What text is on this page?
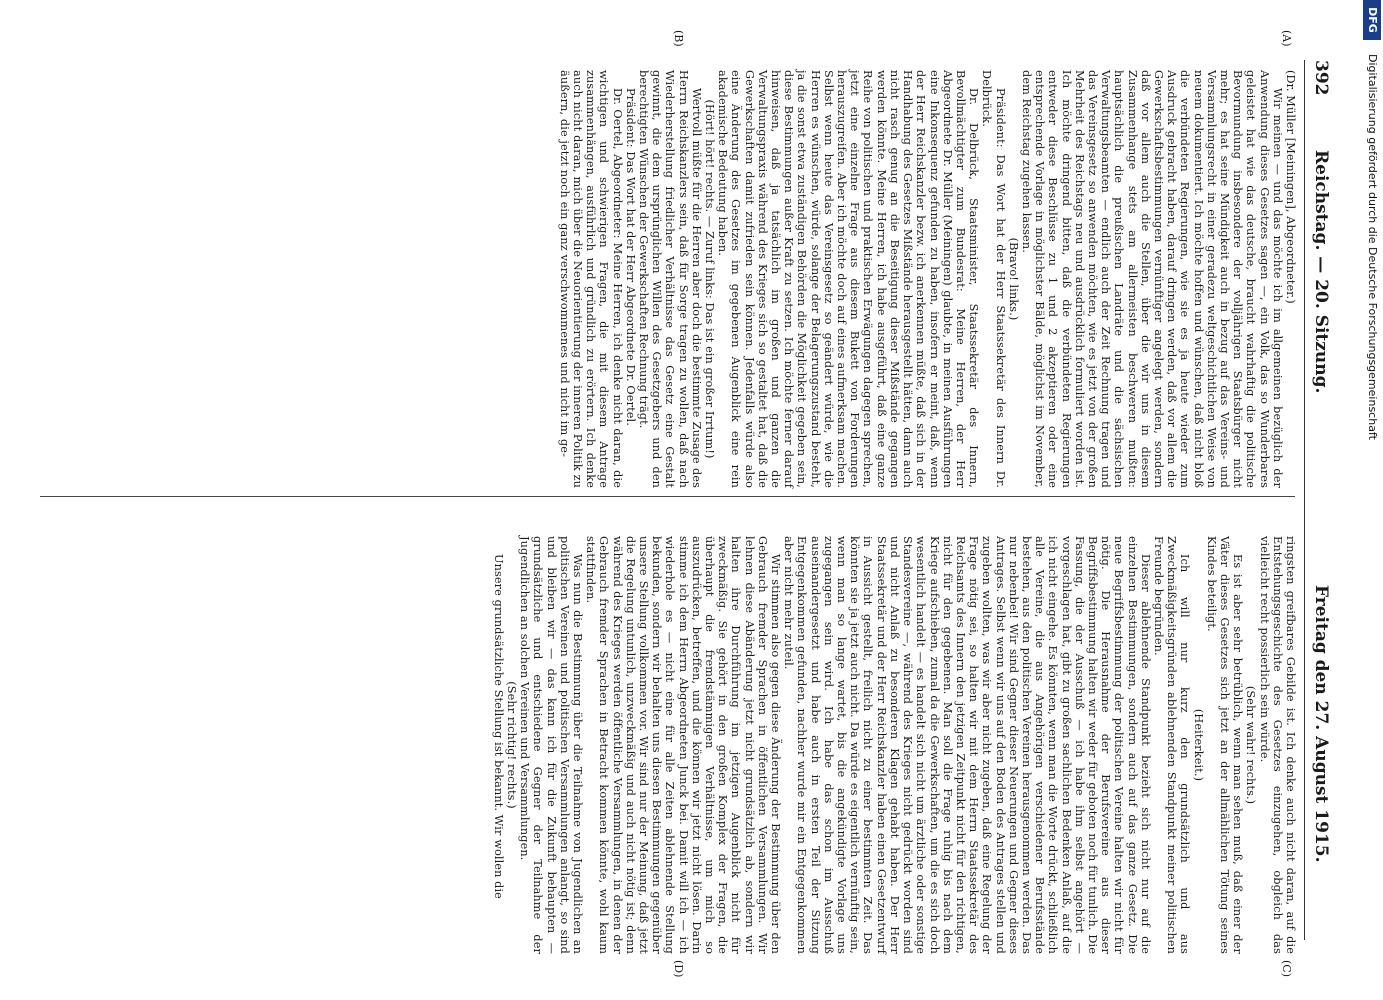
DFG
Digitalisierung gefördert durch die Deutsche Forschungsgemeinschaft
392
Reichstag. — 20. Sitzung.
Freitag den 27. August 1915.
(A)
(B)
(C)
(D)

(Dr. Müller [Meiningen], Abgeordneter.)

Wir meinen — und das möchte ich im allgemeinen bezüglich der Anwendung dieses Gesetzes sagen —, ein Volk, das so Wunderbares geleistet hat wie das deutsche, braucht wahrhaftig die politische Bevormundung insbesondere der volljährigen Staatsbürger nicht mehr; es hat seine Mündigkeit auch in bezug auf das Vereins- und Versammlungsrecht in einer geradezu weltgeschichtlichen Weise von neuem dokumentiert. Ich möchte hoffen und wünschen, daß nicht bloß die verbündeten Regierungen, wie sie es ja heute wieder zum Ausdruck gebracht haben, darauf dringen werden, daß vor allem die Gewerkschaftsbestimmungen vernünftiger angelegt werden, sondern daß vor allem auch die Stellen, über die wir uns in diesem Zusammenhange stets am allermeisten beschweren mußten: hauptsächlich die preußischen Landräte und die sächsischen Verwaltungsbeamten — endlich auch der Zeit Rechnung tragen und das Vereinsgesetz so anwenden möchten, wie es jetzt von der großen Mehrheit des Reichstags neu und ausdrücklich formuliert worden ist. Ich möchte dringend bitten, daß die verbündeten Regierungen entweder diese Beschlüsse zu 1 und 2 akzeptieren oder eine entsprechende Vorlage in möglichster Bälde, möglichst im November, dem Reichstag zugehen lassen.

(Bravo! links.)

Präsident: Das Wort hat der Herr Staatssekretär des Innern Dr. Delbrück.

Dr. Delbrück, Staatsminister, Staatssekretär des Innern, Bevollmächtigter zum Bundesrat: Meine Herren, der Herr Abgeordnete Dr. Müller (Meiningen) glaubte, in meinen Ausführungen eine Inkonsequenz gefunden zu haben, insofern er meint, daß, wenn der Herr Reichskanzler bezw. ich anerkennen müßte, daß sich in der Handhabung des Gesetzes Mißstände herausgestellt hätten, dann auch nicht rasch genug an die Beseitigung dieser Mißstände gegangen werden könnte. Meine Herren, ich habe ausgeführt, daß eine ganze Reihe von politischen und praktischen Erwägungen dagegen sprechen, jetzt eine einzelne Frage aus diesem Bukett von Forderungen herauszugreifen. Aber ich möchte doch auf eines aufmerksam machen. Selbst wenn heute das Vereinsgesetz so geändert würde, wie die Herren es wünschen, würde, solange der Belagerungszustand besteht, ja die sonst etwa zuständigen Behörden die Möglichkeit gegeben sein, diese Bestimmungen außer Kraft zu setzen. Ich möchte ferner darauf hinweisen, daß ja tatsächlich im großen und ganzen die Verwaltungspraxis während des Krieges sich so gestaltet hat, daß die Gewerkschaften damit zufrieden sein können. Jedenfalls würde also eine Änderung des Gesetzes im gegebenen Augenblick eine rein akademische Bedeutung haben.

(Hört! hört! rechts. — Zuruf links: Das ist ein großer Irrtum!)

Wertvoll müßte für die Herren aber doch die bestimmte Zusage des Herrn Reichskanzlers sein, daß für Sorge tragen zu wollen, daß nach Wiederherstellung friedlicher Verhältnisse das Gesetz eine Gestalt gewinnt, die dem ursprünglichen Willen des Gesetzgebers und den berechtigten Wünschen der Gewerkschaften Rechnung trägt.

Präsident: Das Wort hat der Herr Abgeordnete Dr. Oertel.

Dr. Oertel, Abgeordneter: Meine Herren, ich denke nicht daran, die wichtigen und schwierigen Fragen, die mit diesem Antrage zusammenhängen, ausführlich und gründlich zu erörtern. Ich denke auch nicht daran, mich über die Neuorientierung der inneren Politik zu äußern, die jetzt noch ein ganz verschwommenes und nicht im ge-

ringsten greifbares Gebilde ist. Ich denke auch nicht daran, auf die Entstehungsgeschichte des Gesetzes einzugehen, obgleich das vielleicht recht possierlich sein würde.

(Sehr wahr! rechts.)

Es ist aber sehr betrüblich, wenn man sehen muß, daß einer der Väter dieses Gesetzes sich jetzt an der allmählichen Tötung seines Kindes beteiligt.

(Heiterkeit.)

Ich will nur kurz den grundsätzlich und aus Zweckmäßigkeitsgründen ablehnenden Standpunkt meiner politischen Freunde begründen.

Dieser ablehnende Standpunkt bezieht sich nicht nur auf die einzelnen Bestimmungen, sondern auch auf das ganze Gesetz. Die neue Begriffsbestimmung der politischen Vereine halten wir nicht für nötig. Die Herausnahme der Berufsvereine aus dieser Begriffsbestimmung halten wir weder für geboten noch für tunlich. Die Fassung, die der Ausschuß — ich habe ihm selbst angehört — vorgeschlagen hat, gibt zu großen sachlichen Bedenken Anlaß, auf die ich nicht eingehe. Es könnten, wenn man die Worte drückt, schließlich alle Vereine, die aus Angehörigen verschiedener Berufsstände bestehen, aus den politischen Vereinen herausgenommen werden. Das nur nebenbei! Wir sind Gegner dieser Neuerungen und Gegner dieses Antrages. Selbst wenn wir uns auf den Boden des Antrages stellen und zugeben wollten, was wir aber nicht zugeben, daß eine Regelung der Frage nötig sei, so halten wir mit dem Herrn Staatssekretär des Reichsamts des Innern den jetzigen Zeitpunkt nicht für den richtigen, nicht für den gegebenen. Man soll die Frage ruhig bis nach dem Kriege aufschieben, zumal da die Gewerkschaften, um die es sich doch wesentlich handelt — es handelt sich nicht um ärztliche oder sonstige Standesvereine —, während des Krieges nicht gedrückt worden sind und nicht Anlaß zu besonderen Klagen gehabt haben. Der Herr Staatssekretär und der Herr Reichskanzler haben einen Gesetzentwurf in Aussicht gestellt, freilich nicht zu einer bestimmten Zeit. Das könnten sie ja jetzt auch nicht. Da würde es eigentlich vernünftig sein, wenn man so lange wartet, bis die angekündigte Vorlage uns zugegangen sein wird. Ich habe das schon im Ausschuß auseinandergesetzt und habe auch in ersten Teil der Sitzung Entgegenkommen gefunden, nachher wurde mir ein Entgegenkommen aber nicht mehr zuteil.

Wir stimmen also gegen diese Änderung der Bestimmung über den Gebrauch fremder Sprachen in öffentlichen Versammlungen. Wir lehnen diese Abänderung jetzt nicht grundsätzlich ab, sondern wir halten ihre Durchführung im jetzigen Augenblick nicht für zweckmäßig. Sie gehört in den großen Komplex der Fragen, die überhaupt die fremdstämmigen Verhältnisse, um mich so auszudrücken, betreffen, und die können wir jetzt nicht lösen. Darin stimme ich dem Herrn Abgeordneten Junck bei. Damit will ich — ich wiederhole es — nicht eine für alle Zeiten ablehnende Stellung bekunden, sondern wir behalten uns diesen Bestimmungen gegenüber unsere Stellung vollkommen vor. Wir sind nur der Meinung, daß jetzt die Regelung untunlich, unzweckmäßig und auch nicht nötig ist; denn während des Krieges werden öffentliche Versammlungen, in denen der Gebrauch fremder Sprachen in Betracht kommen könnte, wohl kaum stattfinden.

Was nun die Bestimmung über die Teilnahme von Jugendlichen an politischen Vereinen und politischen Versammlungen anlangt, so sind und bleiben wir — das kann ich für die Zukunft behaupten — grundsätzliche und entschiedene Gegner der Teilnahme der Jugendlichen an solchen Vereinen und Versammlungen.

(Sehr richtig! rechts.)

Unsere grundsätzliche Stellung ist bekannt. Wir wollen die
